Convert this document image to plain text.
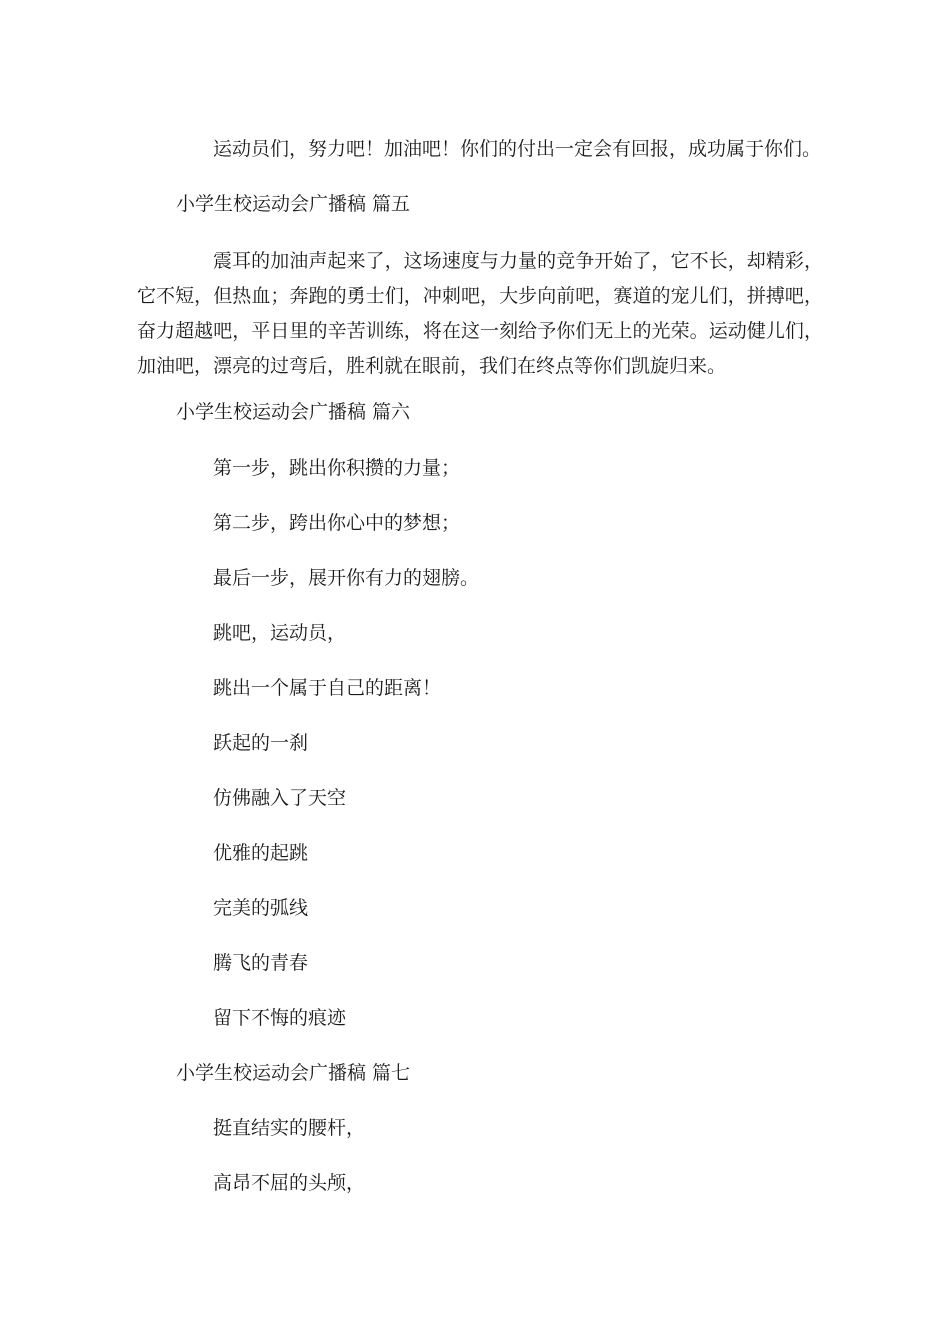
运动员们，努力吧！加油吧！你们的付出一定会有回报，成功属于你们。
小学生校运动会广播稿 篇五
震耳的加油声起来了，这场速度与力量的竞争开始了，它不长，却精彩，它不短，但热血；奔跑的勇士们，冲刺吧，大步向前吧，赛道的宠儿们，拼搏吧，奋力超越吧，平日里的辛苦训练，将在这一刻给予你们无上的光荣。运动健儿们，加油吧，漂亮的过弯后，胜利就在眼前，我们在终点等你们凯旋归来。
小学生校运动会广播稿 篇六
第一步，跳出你积攒的力量；
第二步，跨出你心中的梦想；
最后一步，展开你有力的翅膀。
跳吧，运动员，
跳出一个属于自己的距离！
跃起的一刹
仿佛融入了天空
优雅的起跳
完美的弧线
腾飞的青春
留下不悔的痕迹
小学生校运动会广播稿 篇七
挺直结实的腰杆，
高昂不屈的头颅，
